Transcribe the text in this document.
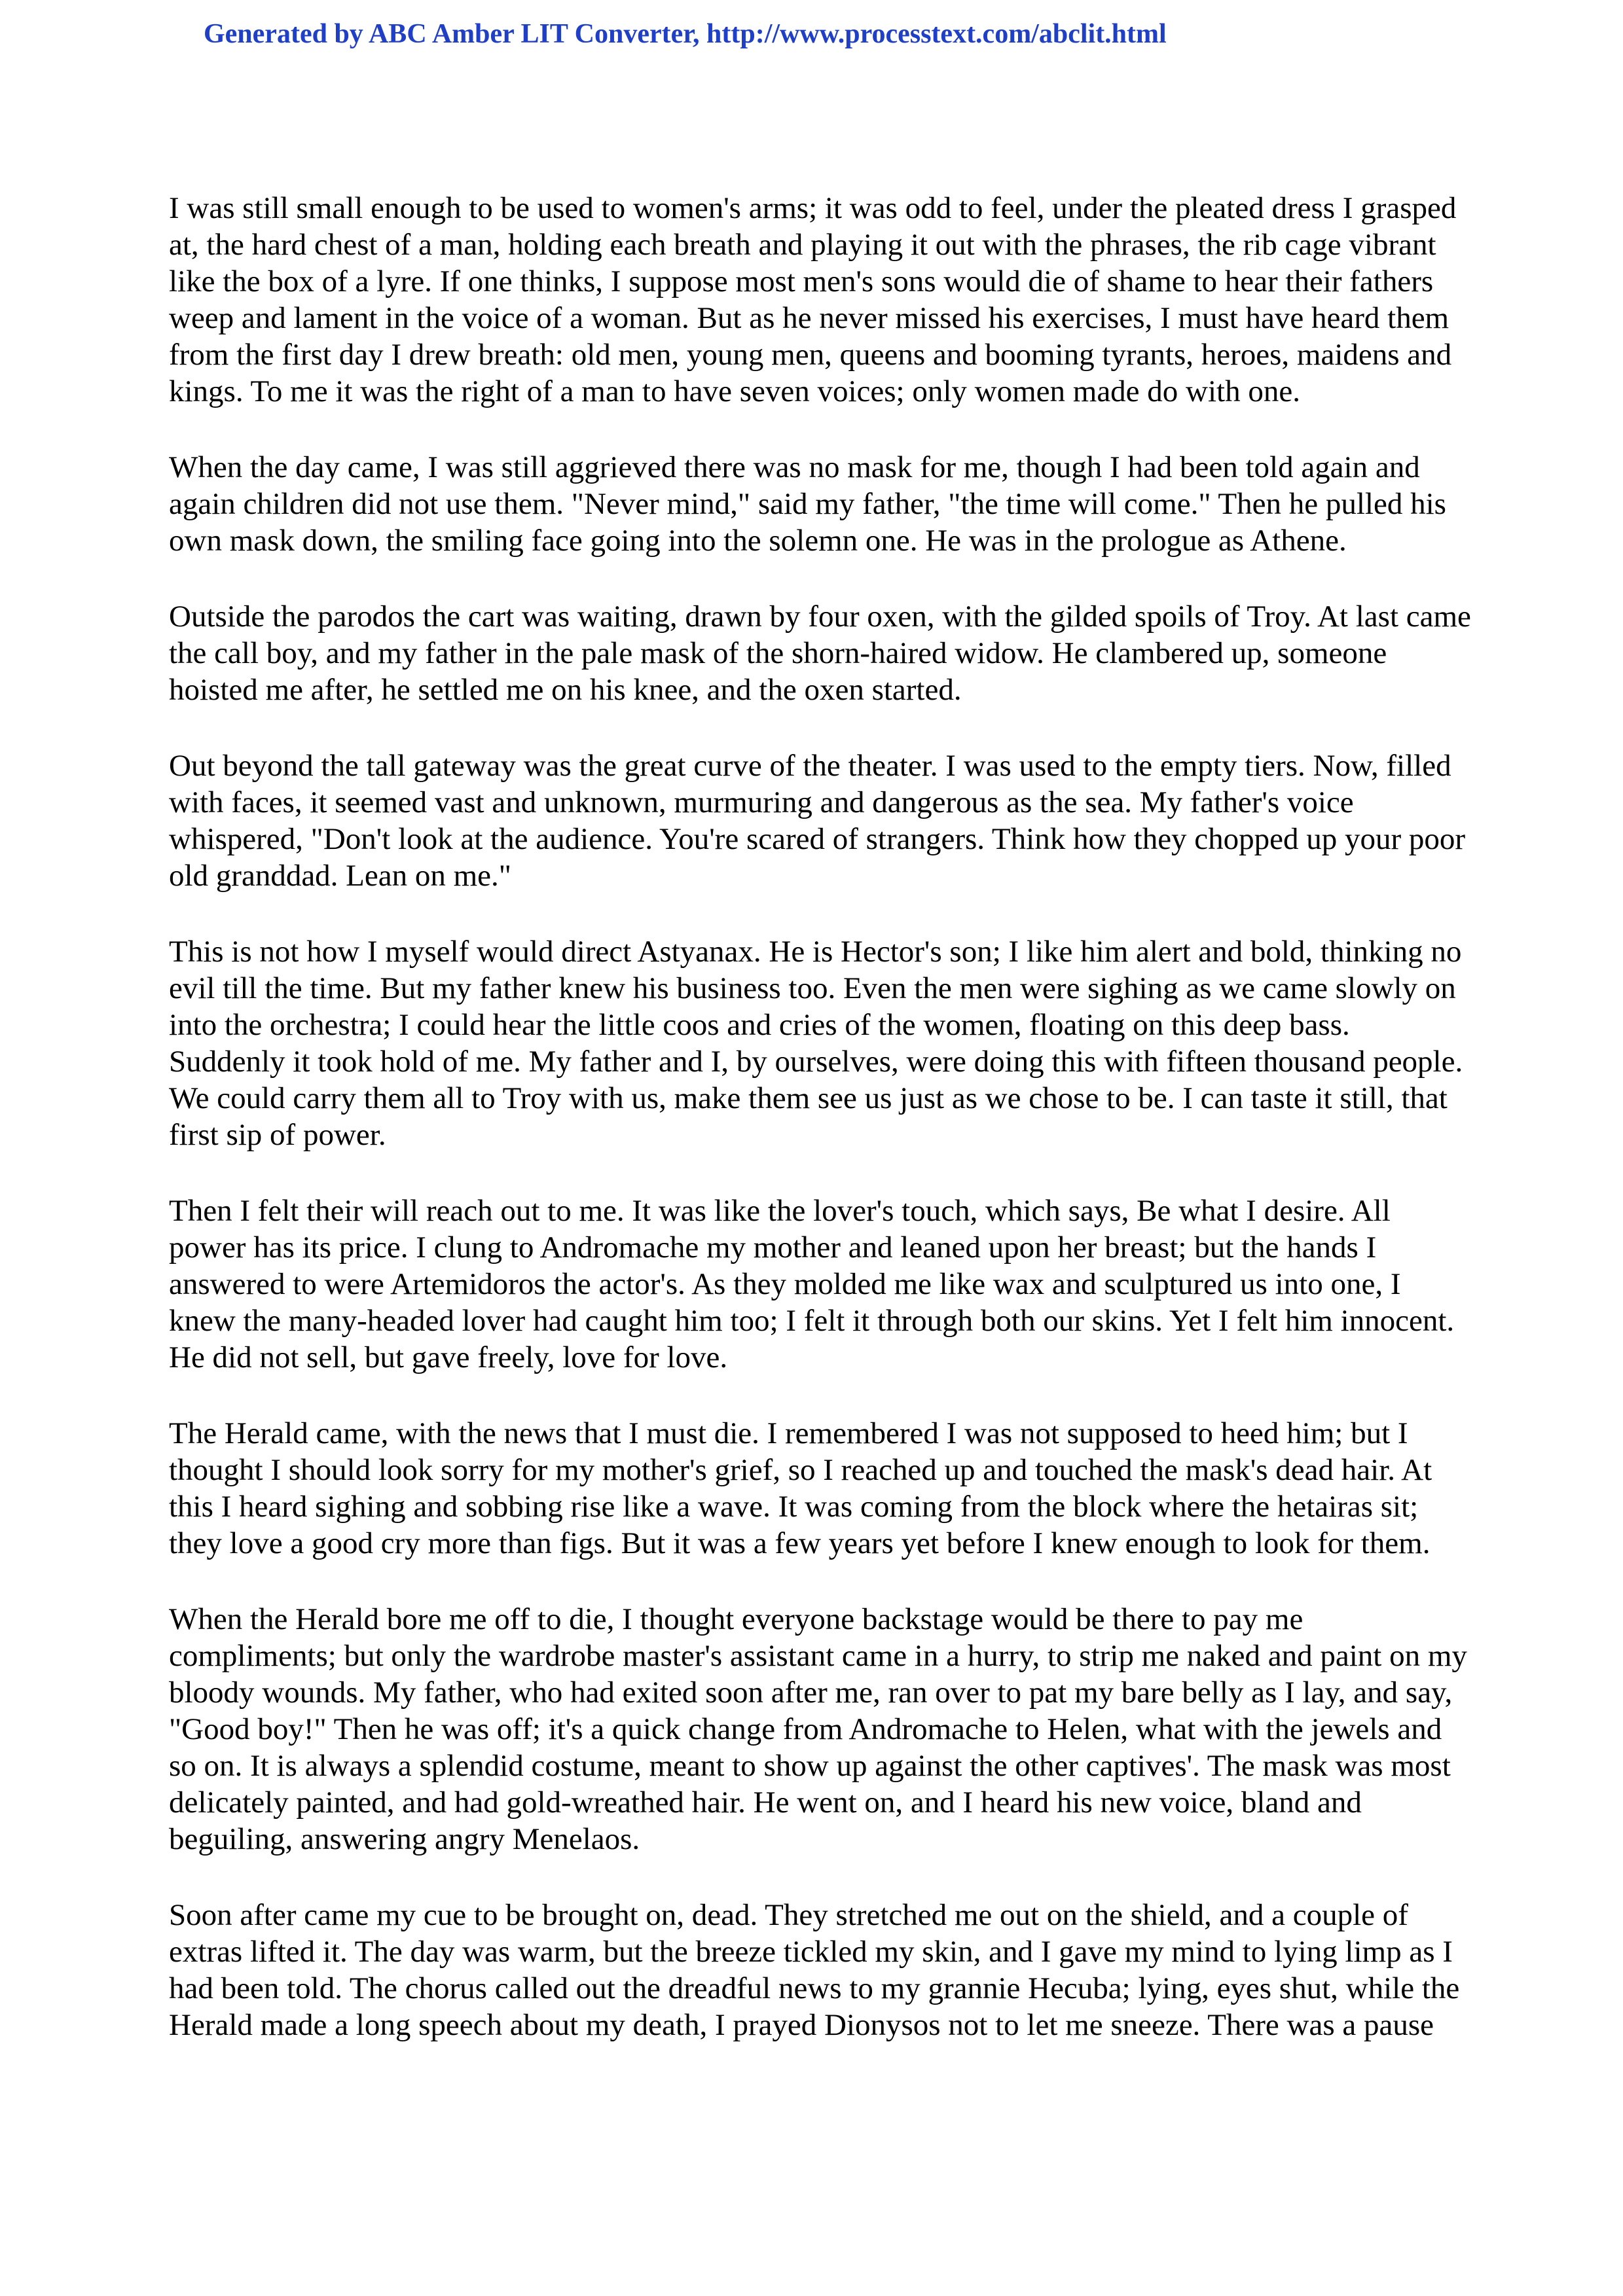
Generated by ABC Amber LIT Converter, http://www.processtext.com/abclit.html

I was still small enough to be used to women's arms; it was odd to feel, under the pleated dress I grasped at, the hard chest of a man, holding each breath and playing it out with the phrases, the rib cage vibrant like the box of a lyre. If one thinks, I suppose most men's sons would die of shame to hear their fathers weep and lament in the voice of a woman. But as he never missed his exercises, I must have heard them from the first day I drew breath: old men, young men, queens and booming tyrants, heroes, maidens and kings. To me it was the right of a man to have seven voices; only women made do with one.

When the day came, I was still aggrieved there was no mask for me, though I had been told again and again children did not use them. "Never mind," said my father, "the time will come." Then he pulled his own mask down, the smiling face going into the solemn one. He was in the prologue as Athene.

Outside the parodos the cart was waiting, drawn by four oxen, with the gilded spoils of Troy. At last came the call boy, and my father in the pale mask of the shorn-haired widow. He clambered up, someone hoisted me after, he settled me on his knee, and the oxen started.

Out beyond the tall gateway was the great curve of the theater. I was used to the empty tiers. Now, filled with faces, it seemed vast and unknown, murmuring and dangerous as the sea. My father's voice whispered, "Don't look at the audience. You're scared of strangers. Think how they chopped up your poor old granddad. Lean on me."

This is not how I myself would direct Astyanax. He is Hector's son; I like him alert and bold, thinking no evil till the time. But my father knew his business too. Even the men were sighing as we came slowly on into the orchestra; I could hear the little coos and cries of the women, floating on this deep bass. Suddenly it took hold of me. My father and I, by ourselves, were doing this with fifteen thousand people. We could carry them all to Troy with us, make them see us just as we chose to be. I can taste it still, that first sip of power.

Then I felt their will reach out to me. It was like the lover's touch, which says, Be what I desire. All power has its price. I clung to Andromache my mother and leaned upon her breast; but the hands I answered to were Artemidoros the actor's. As they molded me like wax and sculptured us into one, I knew the many-headed lover had caught him too; I felt it through both our skins. Yet I felt him innocent. He did not sell, but gave freely, love for love.

The Herald came, with the news that I must die. I remembered I was not supposed to heed him; but I thought I should look sorry for my mother's grief, so I reached up and touched the mask's dead hair. At this I heard sighing and sobbing rise like a wave. It was coming from the block where the hetairas sit; they love a good cry more than figs. But it was a few years yet before I knew enough to look for them.

When the Herald bore me off to die, I thought everyone backstage would be there to pay me compliments; but only the wardrobe master's assistant came in a hurry, to strip me naked and paint on my bloody wounds. My father, who had exited soon after me, ran over to pat my bare belly as I lay, and say, "Good boy!" Then he was off; it's a quick change from Andromache to Helen, what with the jewels and so on. It is always a splendid costume, meant to show up against the other captives'. The mask was most delicately painted, and had gold-wreathed hair. He went on, and I heard his new voice, bland and beguiling, answering angry Menelaos.

Soon after came my cue to be brought on, dead. They stretched me out on the shield, and a couple of extras lifted it. The day was warm, but the breeze tickled my skin, and I gave my mind to lying limp as I had been told. The chorus called out the dreadful news to my grannie Hecuba; lying, eyes shut, while the Herald made a long speech about my death, I prayed Dionysos not to let me sneeze. There was a pause
